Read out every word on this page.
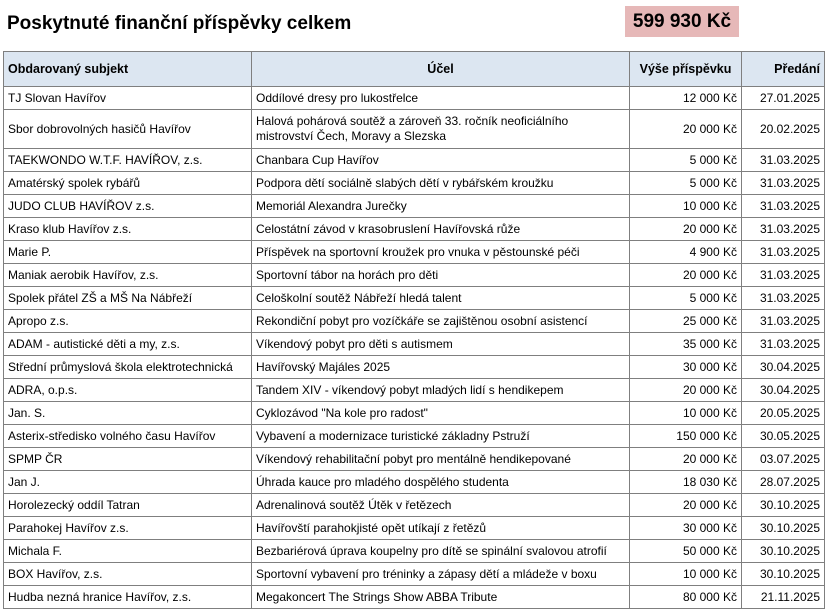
Poskytnuté finanční příspěvky celkem	599 930 Kč
Obdarovaný subjekt	Účel	Výše příspěvku	Předání
TJ Slovan Havířov	Oddílové dresy pro lukostřelce	12 000 Kč	27.01.2025
Sbor dobrovolných hasičů Havířov	Halová pohárová soutěž a zároveň 33. ročník neoficiálního mistrovství Čech, Moravy a Slezska	20 000 Kč	20.02.2025
TAEKWONDO W.T.F. HAVÍŘOV, z.s.	Chanbara Cup Havířov	5 000 Kč	31.03.2025
Amatérský spolek rybářů	Podpora dětí sociálně slabých dětí v rybářském kroužku	5 000 Kč	31.03.2025
JUDO CLUB HAVÍŘOV z.s.	Memoriál Alexandra Jurečky	10 000 Kč	31.03.2025
Kraso klub Havířov z.s.	Celostátní závod v krasobruslení Havířovská růže	20 000 Kč	31.03.2025
Marie P.	Příspěvek na sportovní kroužek pro vnuka v pěstounské péči	4 900 Kč	31.03.2025
Maniak aerobik Havířov, z.s.	Sportovní tábor na horách pro děti	20 000 Kč	31.03.2025
Spolek přátel ZŠ a MŠ Na Nábřeží	Celoškolní soutěž Nábřeží hledá talent	5 000 Kč	31.03.2025
Apropo z.s.	Rekondiční pobyt pro vozíčkáře se zajištěnou osobní asistencí	25 000 Kč	31.03.2025
ADAM - autistické děti a my, z.s.	Víkendový pobyt pro děti s autismem	35 000 Kč	31.03.2025
Střední průmyslová škola elektrotechnická	Havířovský Majáles 2025	30 000 Kč	30.04.2025
ADRA, o.p.s.	Tandem XIV - víkendový pobyt mladých lidí s hendikepem	20 000 Kč	30.04.2025
Jan. S.	Cyklozávod "Na kole pro radost"	10 000 Kč	20.05.2025
Asterix-středisko volného času Havířov	Vybavení a modernizace turistické základny Pstruží	150 000 Kč	30.05.2025
SPMP ČR	Víkendový rehabilitační pobyt pro mentálně hendikepované	20 000 Kč	03.07.2025
Jan J.	Úhrada kauce pro mladého dospělého studenta	18 030 Kč	28.07.2025
Horolezecký oddíl Tatran	Adrenalinová soutěž Útěk v řetězech	20 000 Kč	30.10.2025
Parahokej Havířov z.s.	Havířovští parahokjisté opět utíkají z řetězů	30 000 Kč	30.10.2025
Michala F.	Bezbariérová úprava koupelny pro dítě se spinální svalovou atrofií	50 000 Kč	30.10.2025
BOX Havířov, z.s.	Sportovní vybavení pro tréninky a zápasy dětí a mládeže v boxu	10 000 Kč	30.10.2025
Hudba nezná hranice Havířov, z.s.	Megakoncert The Strings Show ABBA Tribute	80 000 Kč	21.11.2025
